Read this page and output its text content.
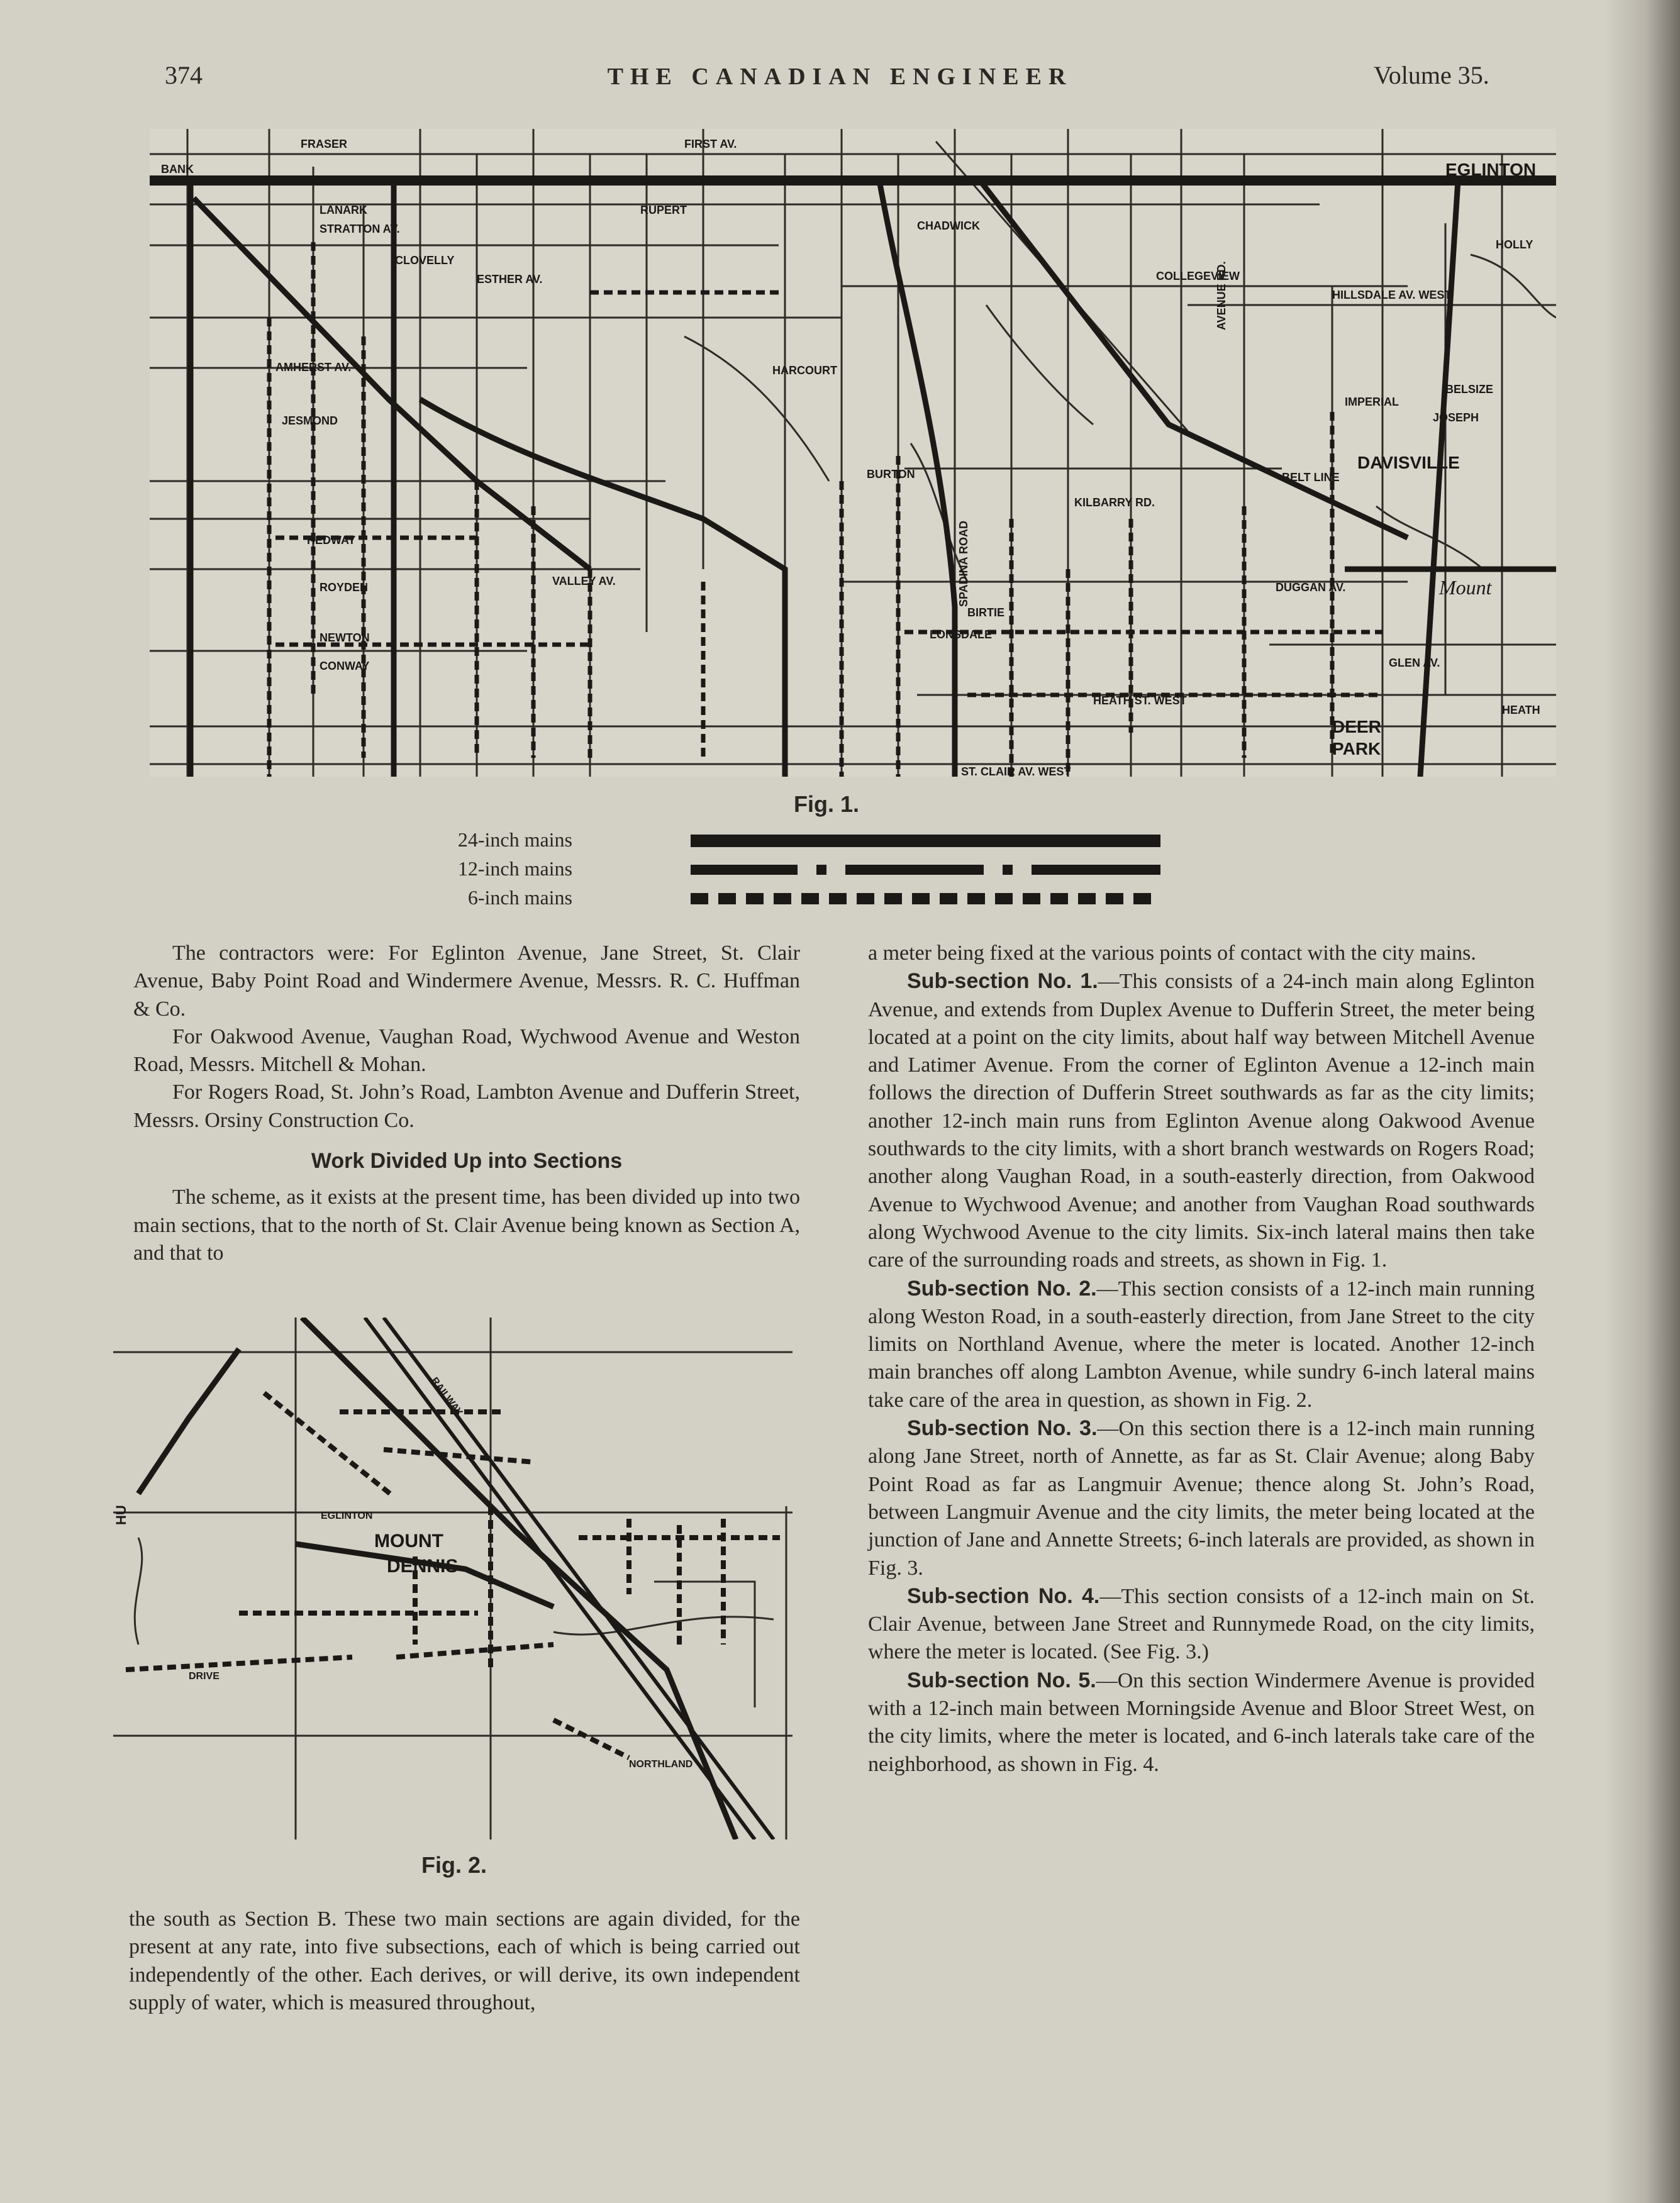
374	THE CANADIAN ENGINEER	Volume 35.
BANK
FRASER	FIRST AV.
EGLINTON
LANARK
STRATTON AV.
CLOVELLY
ESTHER AV.
RUPERT
CHADWICK
COLLEGEVIEW
HILLSDALE AV. WEST
HOLLY
AMHERST AV.
JESMOND
HARCOURT
BURTON
IMPERIAL
DAVISVILLE
BELT LINE
HEDWAY
ROYDEN
NEWTON
CONWAY
VALLEY AV.
KILBARRY RD.
DUGGAN AV.	Mount
BIRTIE
LONSDALE
HEATH ST. WEST
HEATH
GLEN AV.
DEER
PARK
ST. CLAIR AV. WEST
JOSEPH
BELSIZE
SPADINA ROAD
AVENUE RD.
Fig. 1.
24-inch mains
12-inch mains
6-inch mains
MOUNT
DENNIS
EGLINTON
RAILWAY
NORTHLAND
DRIVE
HU
Fig. 2.

The contractors were: For Eglinton Avenue, Jane Street, St. Clair Avenue, Baby Point Road and Windermere Avenue, Messrs. R. C. Huffman & Co.

For Oakwood Avenue, Vaughan Road, Wychwood Avenue and Weston Road, Messrs. Mitchell & Mohan.

For Rogers Road, St. John’s Road, Lambton Avenue and Dufferin Street, Messrs. Orsiny Construction Co.

Work Divided Up into Sections

The scheme, as it exists at the present time, has been divided up into two main sections, that to the north of St. Clair Avenue being known as Section A, and that to

the south as Section B. These two main sections are again divided, for the present at any rate, into five subsections, each of which is being carried out independently of the other. Each derives, or will derive, its own independent supply of water, which is measured throughout,

a meter being fixed at the various points of contact with the city mains.

Sub-section No. 1.—This consists of a 24-inch main along Eglinton Avenue, and extends from Duplex Avenue to Dufferin Street, the meter being located at a point on the city limits, about half way between Mitchell Avenue and Latimer Avenue. From the corner of Eglinton Avenue a 12-inch main follows the direction of Dufferin Street southwards as far as the city limits; another 12-inch main runs from Eglinton Avenue along Oakwood Avenue southwards to the city limits, with a short branch westwards on Rogers Road; another along Vaughan Road, in a south-easterly direction, from Oakwood Avenue to Wychwood Avenue; and another from Vaughan Road southwards along Wychwood Avenue to the city limits. Six-inch lateral mains then take care of the surrounding roads and streets, as shown in Fig. 1.

Sub-section No. 2.—This section consists of a 12-inch main running along Weston Road, in a south-easterly direction, from Jane Street to the city limits on Northland Avenue, where the meter is located. Another 12-inch main branches off along Lambton Avenue, while sundry 6-inch lateral mains take care of the area in question, as shown in Fig. 2.

Sub-section No. 3.—On this section there is a 12-inch main running along Jane Street, north of Annette, as far as St. Clair Avenue; along Baby Point Road as far as Langmuir Avenue; thence along St. John’s Road, between Langmuir Avenue and the city limits, the meter being located at the junction of Jane and Annette Streets; 6-inch laterals are provided, as shown in Fig. 3.

Sub-section No. 4.—This section consists of a 12-inch main on St. Clair Avenue, between Jane Street and Runnymede Road, on the city limits, where the meter is located. (See Fig. 3.)

Sub-section No. 5.—On this section Windermere Avenue is provided with a 12-inch main between Morningside Avenue and Bloor Street West, on the city limits, where the meter is located, and 6-inch laterals take care of the neighborhood, as shown in Fig. 4.
